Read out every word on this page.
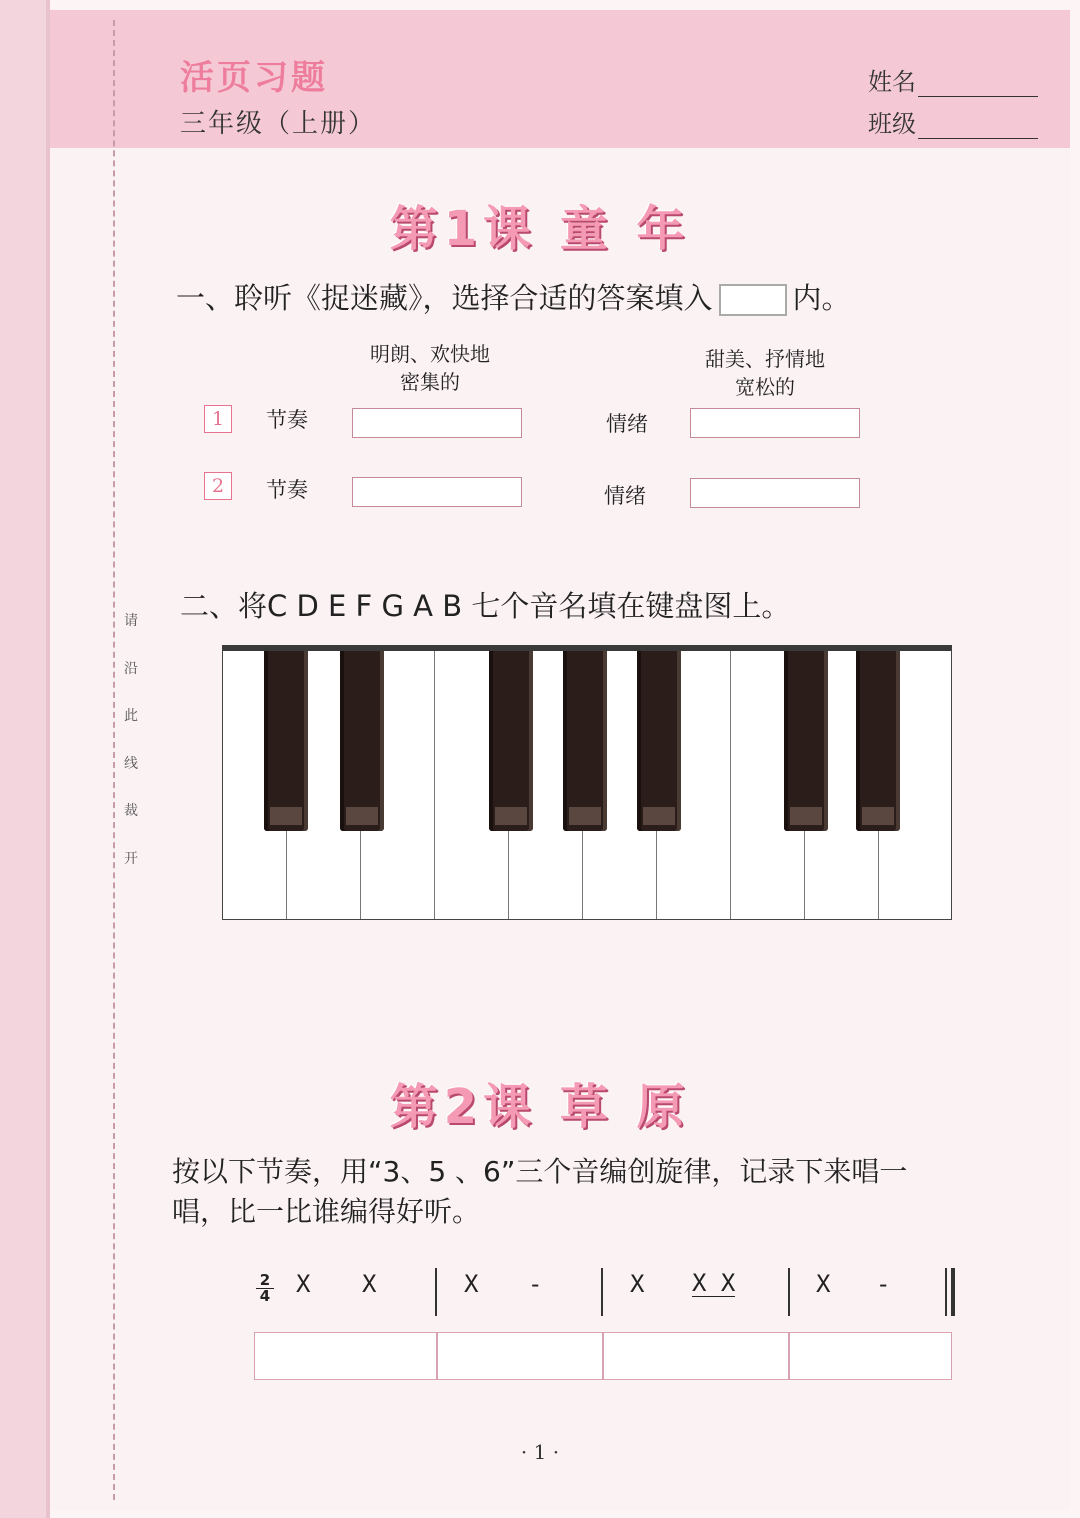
请
沿
此
线
裁
开
活页习题
三年级（上册）
姓名
班级
第1课 童 年
一、聆听《捉迷藏》，选择合适的答案填入	内。
明朗、欢快地
密集的
甜美、抒情地
宽松的
1	节奏	情绪
2	节奏	情绪
二、将C D E F G A B 七个音名填在键盘图上。
第2课 草 原
按以下节奏，用“3、5 、6”三个音编创旋律，记录下来唱一
唱，比一比谁编得好听。
2
4 X X	X -	X X X	X -
· 1 ·
